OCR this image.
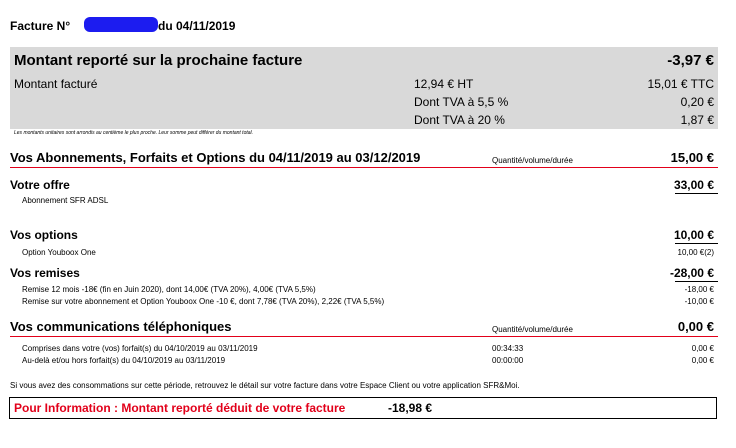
Facture N°	du 04/11/2019
Montant reporté sur la prochaine facture	-3,97 €
Montant facturé	12,94 € HT	15,01 € TTC
Dont TVA à 5,5 %	0,20 €
Dont TVA à 20 %	1,87 €
Les montants unitaires sont arrondis au centième le plus proche. Leur somme peut différer du montant total.
Vos Abonnements, Forfaits et Options du 04/11/2019 au 03/12/2019	Quantité/volume/durée	15,00 €
Votre offre	33,00 €
Abonnement SFR ADSL
Vos options	10,00 €
Option Youboox One	10,00 €(2)
Vos remises	-28,00 €
Remise 12 mois -18€ (fin en Juin 2020), dont 14,00€ (TVA 20%), 4,00€ (TVA 5,5%)	-18,00 €
Remise sur votre abonnement et Option Youboox One -10 €, dont 7,78€ (TVA 20%), 2,22€ (TVA 5,5%)	-10,00 €
Vos communications téléphoniques	Quantité/volume/durée	0,00 €
Comprises dans votre (vos) forfait(s) du 04/10/2019 au 03/11/2019	00:34:33	0,00 €
Au-delà et/ou hors forfait(s) du 04/10/2019 au 03/11/2019	00:00:00	0,00 €
Si vous avez des consommations sur cette période, retrouvez le détail sur votre facture dans votre Espace Client ou votre application SFR&Moi.
Pour Information : Montant reporté déduit de votre facture	-18,98 €
